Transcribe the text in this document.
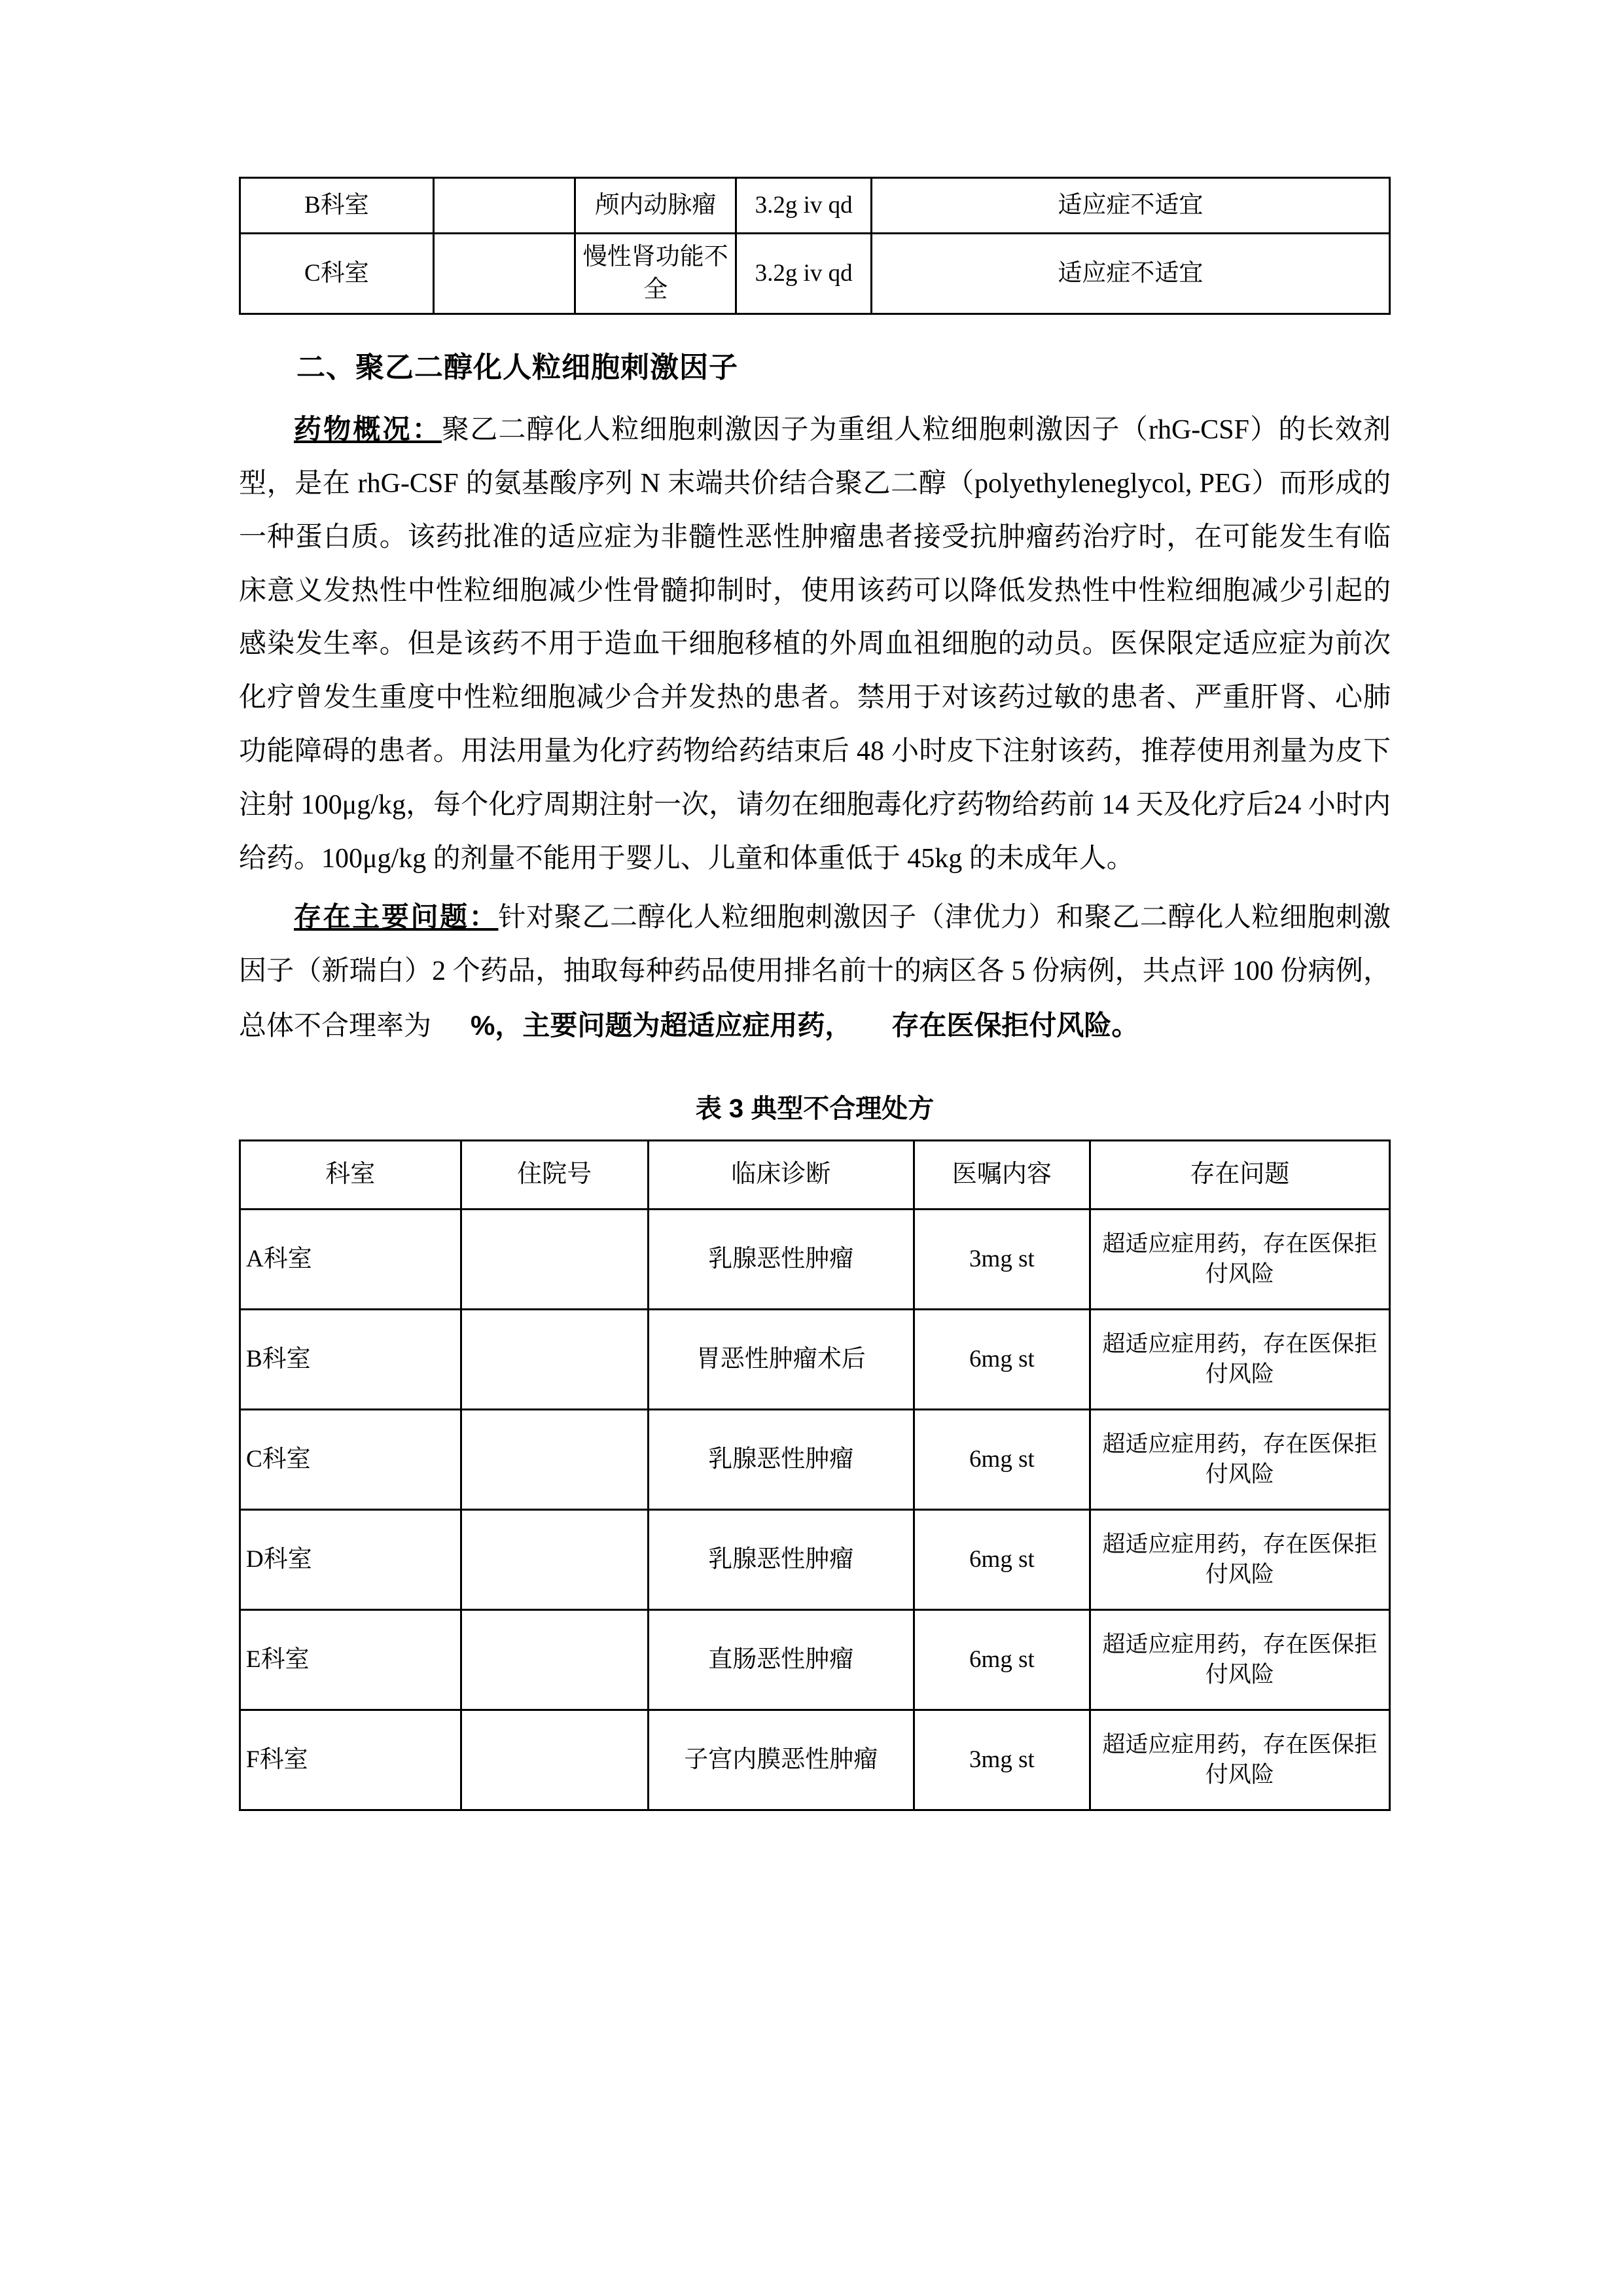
B科室		颅内动脉瘤	3.2g iv qd	适应症不适宜
C科室		慢性肾功能不全	3.2g iv qd	适应症不适宜
二、聚乙二醇化人粒细胞刺激因子

药物概况：聚乙二醇化人粒细胞刺激因子为重组人粒细胞刺激因子（rhG-CSF）的长效剂型，是在 rhG-CSF 的氨基酸序列 N 末端共价结合聚乙二醇（polyethyleneglycol, PEG）而形成的一种蛋白质。该药批准的适应症为非髓性恶性肿瘤患者接受抗肿瘤药治疗时，在可能发生有临床意义发热性中性粒细胞减少性骨髓抑制时，使用该药可以降低发热性中性粒细胞减少引起的感染发生率。但是该药不用于造血干细胞移植的外周血祖细胞的动员。医保限定适应症为前次化疗曾发生重度中性粒细胞减少合并发热的患者。禁用于对该药过敏的患者、严重肝肾、心肺功能障碍的患者。用法用量为化疗药物给药结束后 48 小时皮下注射该药，推荐使用剂量为皮下注射 100μg/kg，每个化疗周期注射一次，请勿在细胞毒化疗药物给药前 14 天及化疗后24 小时内给药。100μg/kg 的剂量不能用于婴儿、儿童和体重低于 45kg 的未成年人。

存在主要问题：针对聚乙二醇化人粒细胞刺激因子（津优力）和聚乙二醇化人粒细胞刺激因子（新瑞白）2 个药品，抽取每种药品使用排名前十的病区各 5 份病例，共点评 100 份病例，总体不合理率为 %，主要问题为超适应症用药， 存在医保拒付风险。

表 3 典型不合理处方
科室	住院号	临床诊断	医嘱内容	存在问题
A科室		乳腺恶性肿瘤	3mg st	超适应症用药，存在医保拒付风险
B科室		胃恶性肿瘤术后	6mg st	超适应症用药，存在医保拒付风险
C科室		乳腺恶性肿瘤	6mg st	超适应症用药，存在医保拒付风险
D科室		乳腺恶性肿瘤	6mg st	超适应症用药，存在医保拒付风险
E科室		直肠恶性肿瘤	6mg st	超适应症用药，存在医保拒付风险
F科室		子宫内膜恶性肿瘤	3mg st	超适应症用药，存在医保拒付风险
